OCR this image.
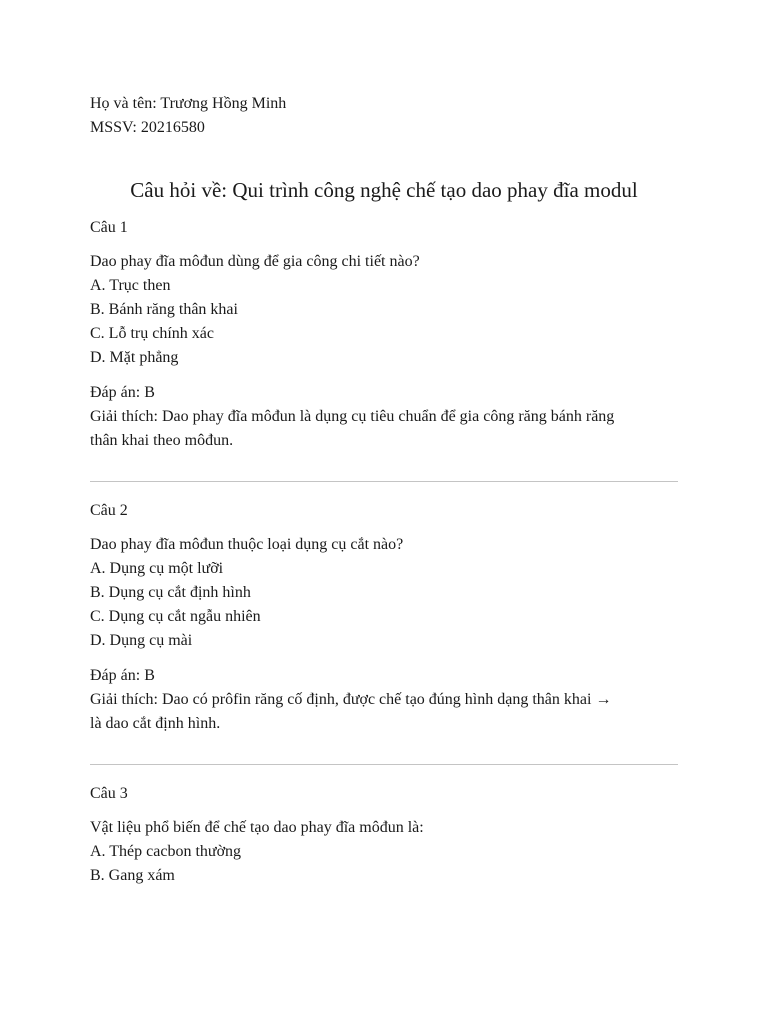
Họ và tên: Trương Hồng Minh
MSSV: 20216580
Câu hỏi về: Qui trình công nghệ chế tạo dao phay đĩa modul
Câu 1
Dao phay đĩa môđun dùng để gia công chi tiết nào?
A. Trục then
B. Bánh răng thân khai
C. Lỗ trụ chính xác
D. Mặt phẳng
Đáp án: B
Giải thích: Dao phay đĩa môđun là dụng cụ tiêu chuẩn để gia công răng bánh răng
thân khai theo môđun.
Câu 2
Dao phay đĩa môđun thuộc loại dụng cụ cắt nào?
A. Dụng cụ một lưỡi
B. Dụng cụ cắt định hình
C. Dụng cụ cắt ngẫu nhiên
D. Dụng cụ mài
Đáp án: B
Giải thích: Dao có prôfin răng cố định, được chế tạo đúng hình dạng thân khai →
là dao cắt định hình.
Câu 3
Vật liệu phổ biến để chế tạo dao phay đĩa môđun là:
A. Thép cacbon thường
B. Gang xám
